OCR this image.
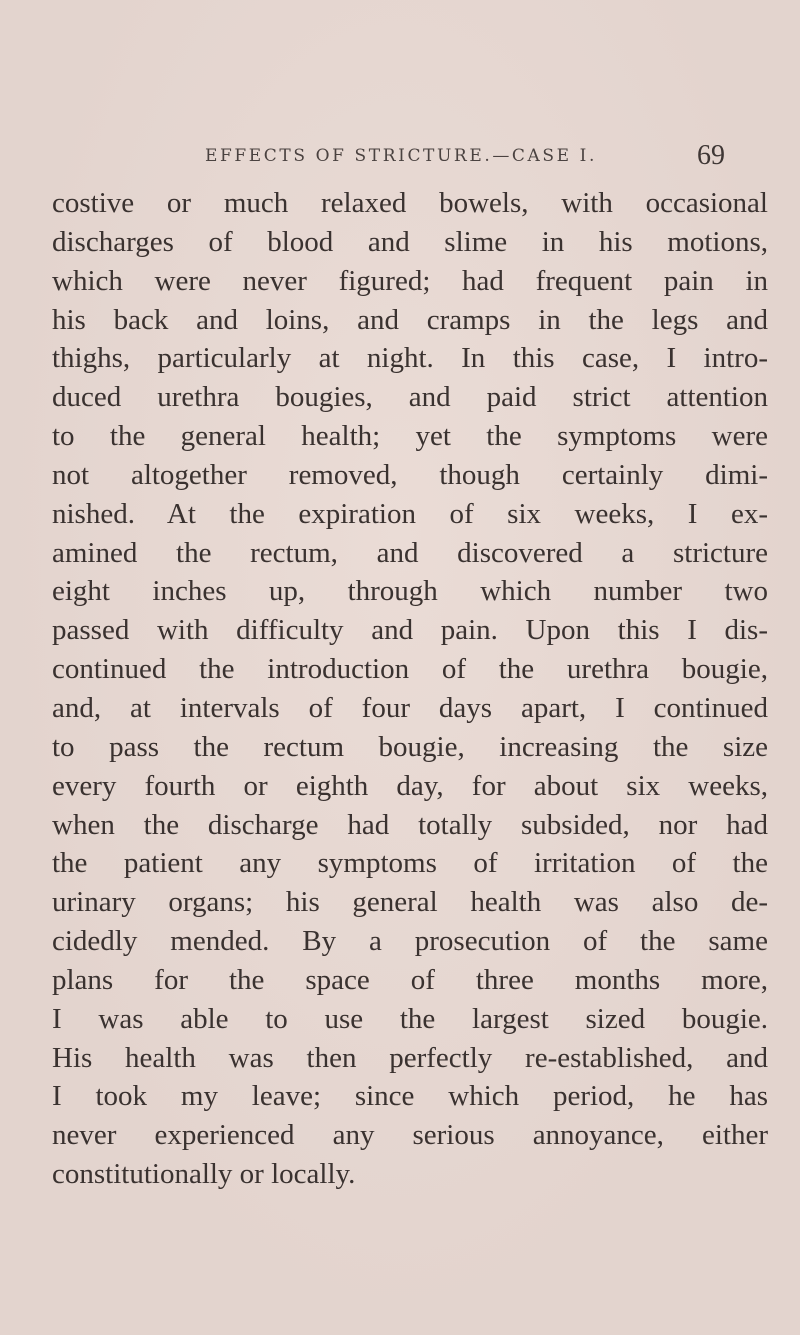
EFFECTS OF STRICTURE.—CASE I.	69
costive or much relaxed bowels, with occasional
discharges of blood and slime in his motions,
which were never figured; had frequent pain in
his back and loins, and cramps in the legs and
thighs, particularly at night. In this case, I intro-
duced urethra bougies, and paid strict attention
to the general health; yet the symptoms were
not altogether removed, though certainly dimi-
nished. At the expiration of six weeks, I ex-
amined the rectum, and discovered a stricture
eight inches up, through which number two
passed with difficulty and pain. Upon this I dis-
continued the introduction of the urethra bougie,
and, at intervals of four days apart, I continued
to pass the rectum bougie, increasing the size
every fourth or eighth day, for about six weeks,
when the discharge had totally subsided, nor had
the patient any symptoms of irritation of the
urinary organs; his general health was also de-
cidedly mended. By a prosecution of the same
plans for the space of three months more,
I was able to use the largest sized bougie.
His health was then perfectly re-established, and
I took my leave; since which period, he has
never experienced any serious annoyance, either
constitutionally or locally.
